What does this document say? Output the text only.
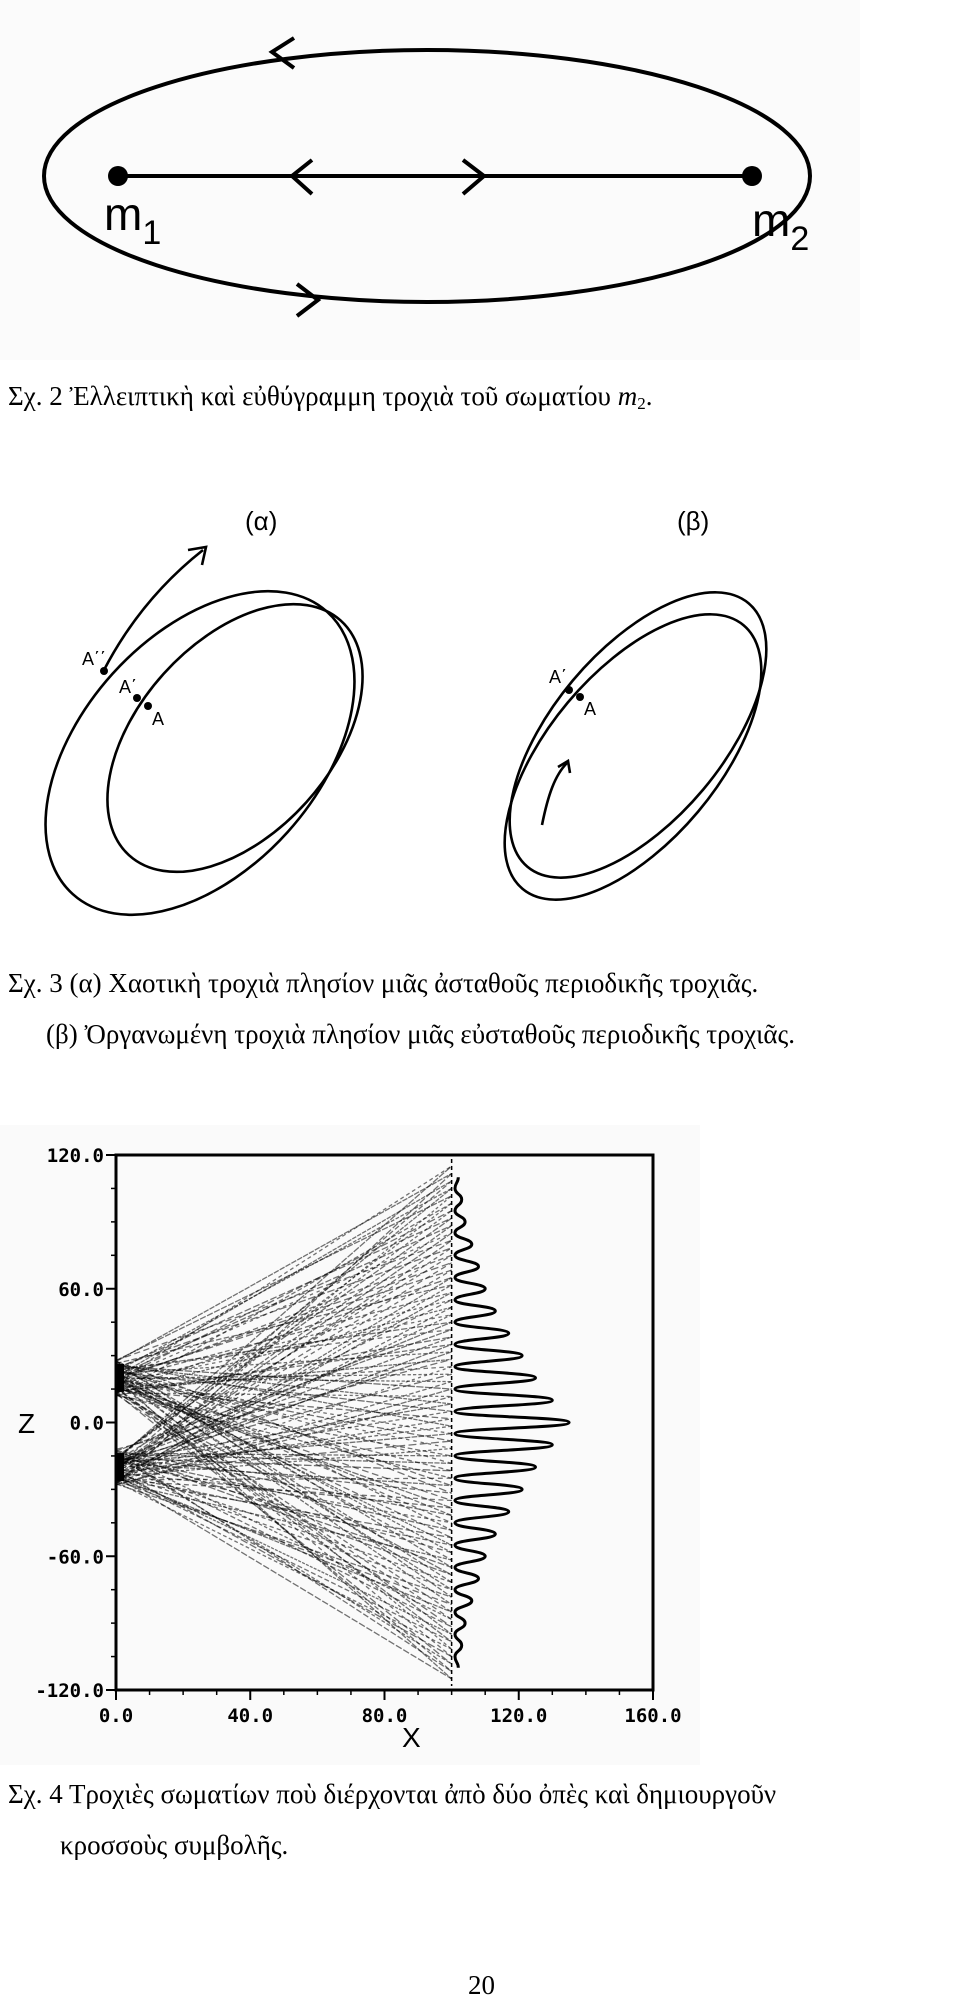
$m_1$	$m_2$
Σχ. 2 Ἐλλειπτικὴ καὶ εὐθύγραμμη τροχιὰ τοῦ σωματίου $m_2$.
(α)	(β)
A΄΄
A΄
A
A΄
A
Σχ. 3 (α) Χαοτικὴ τροχιὰ πλησίον μιᾶς ἀσταθοῦς περιοδικῆς τροχιᾶς.
(β) Ὀργανωμένη τροχιὰ πλησίον μιᾶς εὐσταθοῦς περιοδικῆς τροχιᾶς.
0.0	40.0	80.0	120.0	160.0
120.0
60.0
0.0
-60.0
-120.0
Z
X
Σχ. 4 Τροχιὲς σωματίων ποὺ διέρχονται ἀπὸ δύο ὀπὲς καὶ δημιουργοῦν
κροσσοὺς συμβολῆς.
20
